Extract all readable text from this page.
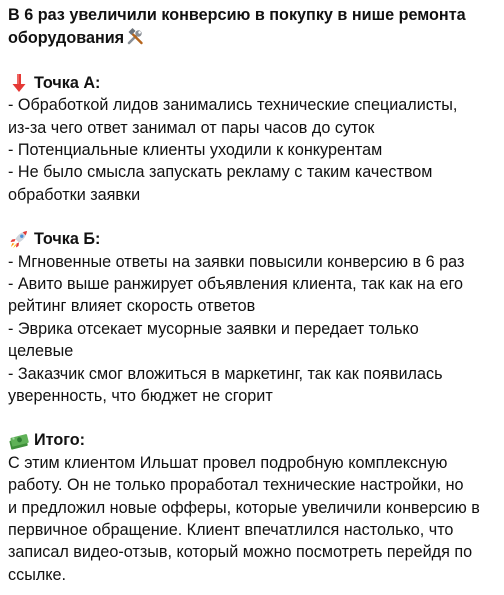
В 6 раз увеличили конверсию в покупку в нише ремонта
оборудования

Точка А:

- Обработкой лидов занимались технические специалисты,

из-за чего ответ занимал от пары часов до суток

- Потенциальные клиенты уходили к конкурентам

- Не было смысла запускать рекламу с таким качеством

обработки заявки

Точка Б:

- Мгновенные ответы на заявки повысили конверсию в 6 раз

- Авито выше ранжирует объявления клиента, так как на его

рейтинг влияет скорость ответов

- Эврика отсекает мусорные заявки и передает только

целевые

- Заказчик смог вложиться в маркетинг, так как появилась

уверенность, что бюджет не сгорит

Итого:

С этим клиентом Ильшат провел подробную комплексную

работу. Он не только проработал технические настройки, но

и предложил новые офферы, которые увеличили конверсию в

первичное обращение. Клиент впечатлился настолько, что

записал видео-отзыв, который можно посмотреть перейдя по

ссылке.
